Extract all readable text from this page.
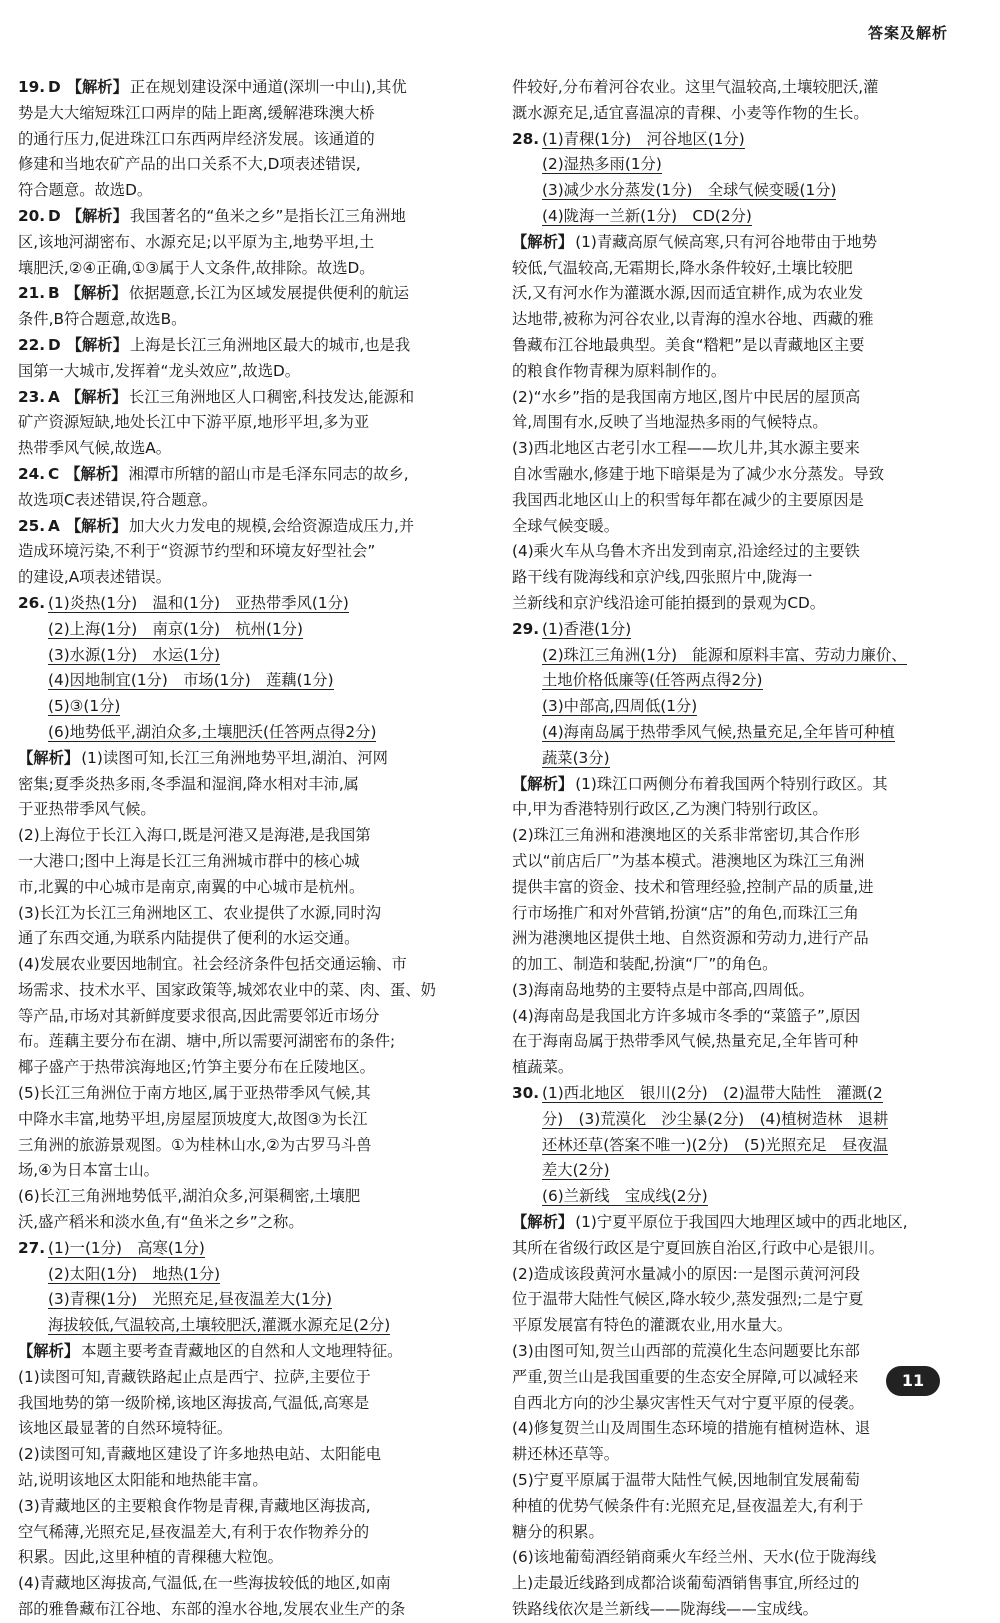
答案及解析
19. D 【解析】 正在规划建设深中通道(深圳一中山),其优
势是大大缩短珠江口两岸的陆上距离,缓解港珠澳大桥
的通行压力,促进珠江口东西两岸经济发展。该通道的
修建和当地农矿产品的出口关系不大,D项表述错误,
符合题意。故选D。
20. D 【解析】 我国著名的“鱼米之乡”是指长江三角洲地
区,该地河湖密布、水源充足;以平原为主,地势平坦,土
壤肥沃,②④正确,①③属于人文条件,故排除。故选D。
21. B 【解析】 依据题意,长江为区域发展提供便利的航运
条件,B符合题意,故选B。
22. D 【解析】 上海是长江三角洲地区最大的城市,也是我
国第一大城市,发挥着“龙头效应”,故选D。
23. A 【解析】 长江三角洲地区人口稠密,科技发达,能源和
矿产资源短缺,地处长江中下游平原,地形平坦,多为亚
热带季风气候,故选A。
24. C 【解析】 湘潭市所辖的韶山市是毛泽东同志的故乡,
故选项C表述错误,符合题意。
25. A 【解析】 加大火力发电的规模,会给资源造成压力,并
造成环境污染,不利于“资源节约型和环境友好型社会”
的建设,A项表述错误。
26. (1)炎热(1分)　温和(1分)　亚热带季风(1分)
(2)上海(1分)　南京(1分)　杭州(1分)
(3)水源(1分)　水运(1分)
(4)因地制宜(1分)　市场(1分)　莲藕(1分)
(5)③(1分)
(6)地势低平,湖泊众多,土壤肥沃(任答两点得2分)
【解析】 (1)读图可知,长江三角洲地势平坦,湖泊、河网
密集;夏季炎热多雨,冬季温和湿润,降水相对丰沛,属
于亚热带季风气候。
(2)上海位于长江入海口,既是河港又是海港,是我国第
一大港口;图中上海是长江三角洲城市群中的核心城
市,北翼的中心城市是南京,南翼的中心城市是杭州。
(3)长江为长江三角洲地区工、农业提供了水源,同时沟
通了东西交通,为联系内陆提供了便利的水运交通。
(4)发展农业要因地制宜。社会经济条件包括交通运输、市
场需求、技术水平、国家政策等,城郊农业中的菜、肉、蛋、奶
等产品,市场对其新鲜度要求很高,因此需要邻近市场分
布。莲藕主要分布在湖、塘中,所以需要河湖密布的条件;
椰子盛产于热带滨海地区;竹笋主要分布在丘陵地区。
(5)长江三角洲位于南方地区,属于亚热带季风气候,其
中降水丰富,地势平坦,房屋屋顶坡度大,故图③为长江
三角洲的旅游景观图。①为桂林山水,②为古罗马斗兽
场,④为日本富士山。
(6)长江三角洲地势低平,湖泊众多,河渠稠密,土壤肥
沃,盛产稻米和淡水鱼,有“鱼米之乡”之称。
27. (1)一(1分)　高寒(1分)
(2)太阳(1分)　地热(1分)
(3)青稞(1分)　光照充足,昼夜温差大(1分)
海拔较低,气温较高,土壤较肥沃,灌溉水源充足(2分)
【解析】 本题主要考查青藏地区的自然和人文地理特征。
(1)读图可知,青藏铁路起止点是西宁、拉萨,主要位于
我国地势的第一级阶梯,该地区海拔高,气温低,高寒是
该地区最显著的自然环境特征。
(2)读图可知,青藏地区建设了许多地热电站、太阳能电
站,说明该地区太阳能和地热能丰富。
(3)青藏地区的主要粮食作物是青稞,青藏地区海拔高,
空气稀薄,光照充足,昼夜温差大,有利于农作物养分的
积累。因此,这里种植的青稞穗大粒饱。
(4)青藏地区海拔高,气温低,在一些海拔较低的地区,如南
部的雅鲁藏布江谷地、东部的湟水谷地,发展农业生产的条
件较好,分布着河谷农业。这里气温较高,土壤较肥沃,灌
溉水源充足,适宜喜温凉的青稞、小麦等作物的生长。
28. (1)青稞(1分)　河谷地区(1分)
(2)湿热多雨(1分)
(3)减少水分蒸发(1分)　全球气候变暖(1分)
(4)陇海一兰新(1分)　CD(2分)
【解析】 (1)青藏高原气候高寒,只有河谷地带由于地势
较低,气温较高,无霜期长,降水条件较好,土壤比较肥
沃,又有河水作为灌溉水源,因而适宜耕作,成为农业发
达地带,被称为河谷农业,以青海的湟水谷地、西藏的雅
鲁藏布江谷地最典型。美食“糌粑”是以青藏地区主要
的粮食作物青稞为原料制作的。
(2)“水乡”指的是我国南方地区,图片中民居的屋顶高
耸,周围有水,反映了当地湿热多雨的气候特点。
(3)西北地区古老引水工程——坎儿井,其水源主要来
自冰雪融水,修建于地下暗渠是为了减少水分蒸发。导致
我国西北地区山上的积雪每年都在减少的主要原因是
全球气候变暖。
(4)乘火车从乌鲁木齐出发到南京,沿途经过的主要铁
路干线有陇海线和京沪线,四张照片中,陇海一
兰新线和京沪线沿途可能拍摄到的景观为CD。
29. (1)香港(1分)
(2)珠江三角洲(1分)　能源和原料丰富、劳动力廉价、
土地价格低廉等(任答两点得2分)
(3)中部高,四周低(1分)
(4)海南岛属于热带季风气候,热量充足,全年皆可种植
蔬菜(3分)
【解析】 (1)珠江口两侧分布着我国两个特别行政区。其
中,甲为香港特别行政区,乙为澳门特别行政区。
(2)珠江三角洲和港澳地区的关系非常密切,其合作形
式以“前店后厂”为基本模式。港澳地区为珠江三角洲
提供丰富的资金、技术和管理经验,控制产品的质量,进
行市场推广和对外营销,扮演“店”的角色,而珠江三角
洲为港澳地区提供土地、自然资源和劳动力,进行产品
的加工、制造和装配,扮演“厂”的角色。
(3)海南岛地势的主要特点是中部高,四周低。
(4)海南岛是我国北方许多城市冬季的“菜篮子”,原因
在于海南岛属于热带季风气候,热量充足,全年皆可种
植蔬菜。
30. (1)西北地区　银川(2分)　(2)温带大陆性　灌溉(2
分)　(3)荒漠化　沙尘暴(2分)　(4)植树造林　退耕
还林还草(答案不唯一)(2分)　(5)光照充足　昼夜温
差大(2分)
(6)兰新线　宝成线(2分)
【解析】 (1)宁夏平原位于我国四大地理区域中的西北地区,
其所在省级行政区是宁夏回族自治区,行政中心是银川。
(2)造成该段黄河水量减小的原因:一是图示黄河河段
位于温带大陆性气候区,降水较少,蒸发强烈;二是宁夏
平原发展富有特色的灌溉农业,用水量大。
(3)由图可知,贺兰山西部的荒漠化生态问题要比东部
严重,贺兰山是我国重要的生态安全屏障,可以减轻来
自西北方向的沙尘暴灾害性天气对宁夏平原的侵袭。
(4)修复贺兰山及周围生态环境的措施有植树造林、退
耕还林还草等。
(5)宁夏平原属于温带大陆性气候,因地制宜发展葡萄
种植的优势气候条件有:光照充足,昼夜温差大,有利于
糖分的积累。
(6)该地葡萄酒经销商乘火车经兰州、天水(位于陇海线
上)走最近线路到成都洽谈葡萄酒销售事宜,所经过的
铁路线依次是兰新线——陇海线——宝成线。
11
